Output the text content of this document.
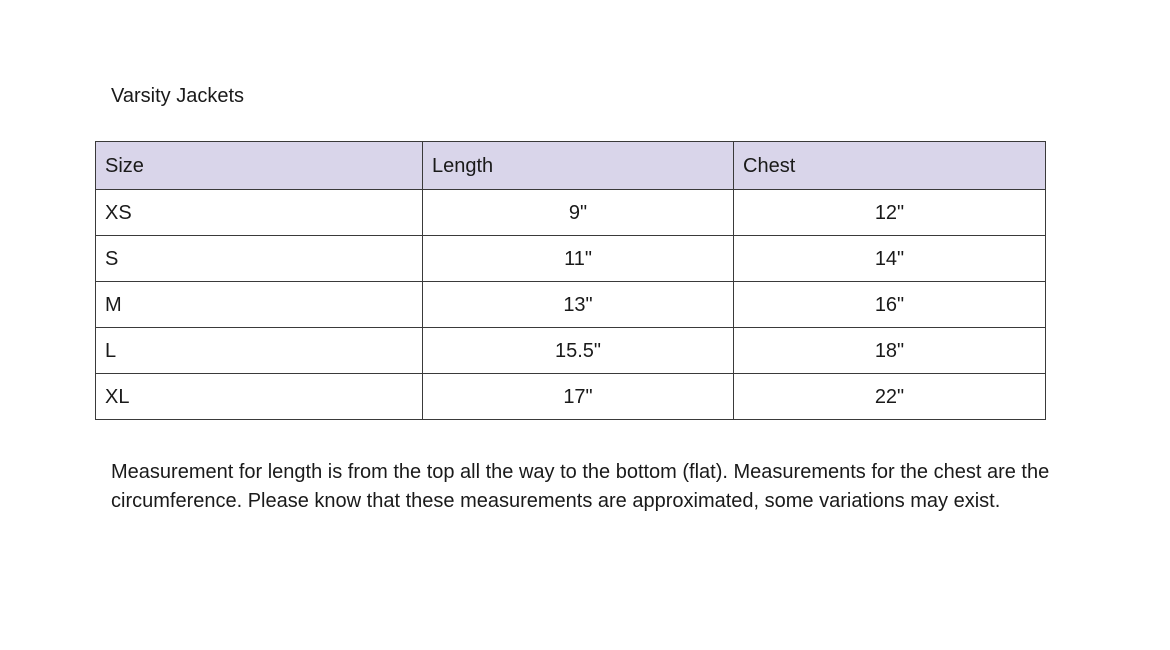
Varsity Jackets
Size	Length	Chest
XS	9"	12"
S	11"	14"
M	13"	16"
L	15.5"	18"
XL	17"	22"
Measurement for length is from the top all the way to the bottom (flat). Measurements for the chest are the circumference. Please know that these measurements are approximated, some variations may exist.
